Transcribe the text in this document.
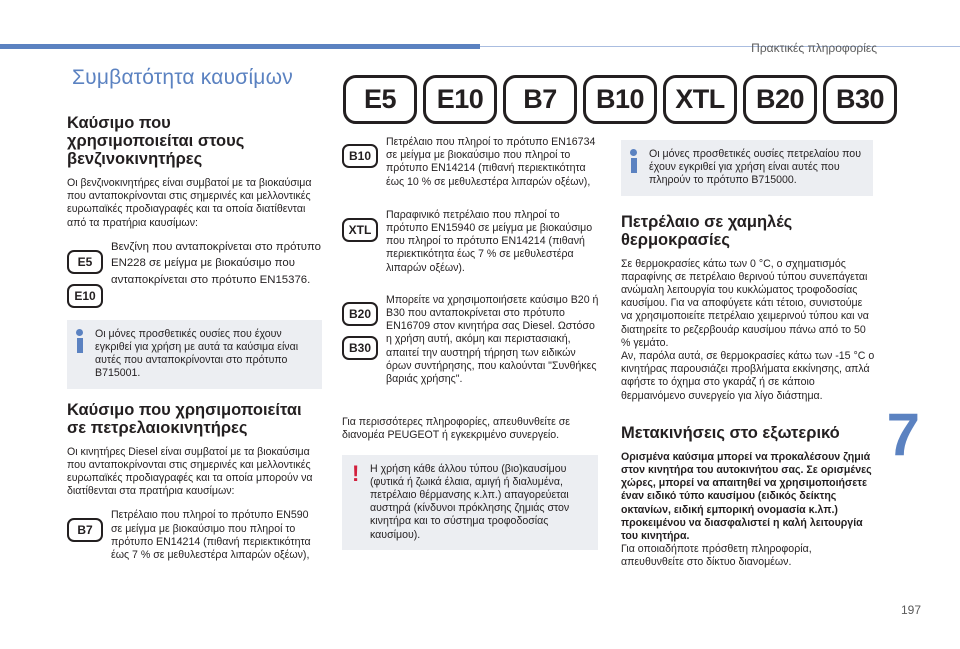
Πρακτικές πληροφορίες
Συμβατότητα καυσίμων
E5	E10	B7	B10	XTL	B20	B30
Καύσιμο που χρησιμοποιείται στους βενζινοκινητήρες
Οι βενζινοκινητήρες είναι συμβατοί με τα βιοκαύσιμα που ανταποκρίνονται στις σημερινές και μελλοντικές ευρωπαϊκές προδιαγραφές και τα οποία διατίθενται από τα πρατήρια καυσίμων:
E5
E10
Βενζίνη που ανταποκρίνεται στο πρότυπο EN228 σε μείγμα με βιοκαύσιμο που ανταποκρίνεται στο πρότυπο EN15376.
Οι μόνες προσθετικές ουσίες που έχουν εγκριθεί για χρήση με αυτά τα καύσιμα είναι αυτές που ανταποκρίνονται στο πρότυπο B715001.
Καύσιμο που χρησιμοποιείται σε πετρελαιοκινητήρες
Οι κινητήρες Diesel είναι συμβατοί με τα βιοκαύσιμα που ανταποκρίνονται στις σημερινές και μελλοντικές ευρωπαϊκές προδιαγραφές και τα οποία μπορούν να διατίθενται στα πρατήρια καυσίμων:
B7
Πετρέλαιο που πληροί το πρότυπο EN590 σε μείγμα με βιοκαύσιμο που πληροί το πρότυπο EN14214 (πιθανή περιεκτικότητα έως 7 % σε μεθυλεστέρα λιπαρών οξέων),
B10
Πετρέλαιο που πληροί το πρότυπο EN16734 σε μείγμα με βιοκαύσιμο που πληροί το πρότυπο EN14214 (πιθανή περιεκτικότητα έως 10 % σε μεθυλεστέρα λιπαρών οξέων),
XTL
Παραφινικό πετρέλαιο που πληροί το πρότυπο EN15940 σε μείγμα με βιοκαύσιμο που πληροί το πρότυπο EN14214 (πιθανή περιεκτικότητα έως 7 % σε μεθυλεστέρα λιπαρών οξέων).
B20
B30
Μπορείτε να χρησιμοποιήσετε καύσιμο B20 ή B30 που ανταποκρίνεται στο πρότυπο EN16709 στον κινητήρα σας Diesel. Ωστόσο η χρήση αυτή, ακόμη και περιστασιακή, απαιτεί την αυστηρή τήρηση των ειδικών όρων συντήρησης, που καλούνται "Συνθήκες βαριάς χρήσης".
Για περισσότερες πληροφορίες, απευθυνθείτε σε διανομέα PEUGEOT ή εγκεκριμένο συνεργείο.
! Η χρήση κάθε άλλου τύπου (βιο)καυσίμου (φυτικά ή ζωικά έλαια, αμιγή ή διαλυμένα, πετρέλαιο θέρμανσης κ.λπ.) απαγορεύεται αυστηρά (κίνδυνοι πρόκλησης ζημιάς στον κινητήρα και το σύστημα τροφοδοσίας καυσίμου).
Οι μόνες προσθετικές ουσίες πετρελαίου που έχουν εγκριθεί για χρήση είναι αυτές που πληρούν το πρότυπο B715000.
Πετρέλαιο σε χαμηλές θερμοκρασίες
Σε θερμοκρασίες κάτω των 0 °C, ο σχηματισμός παραφίνης σε πετρέλαιο θερινού τύπου συνεπάγεται ανώμαλη λειτουργία του κυκλώματος τροφοδοσίας καυσίμου. Για να αποφύγετε κάτι τέτοιο, συνιστούμε να χρησιμοποιείτε πετρέλαιο χειμερινού τύπου και να διατηρείτε το ρεζερβουάρ καυσίμου πάνω από το 50 % γεμάτο.
Αν, παρόλα αυτά, σε θερμοκρασίες κάτω των -15 °C ο κινητήρας παρουσιάζει προβλήματα εκκίνησης, απλά αφήστε το όχημα στο γκαράζ ή σε κάποιο θερμαινόμενο συνεργείο για λίγο διάστημα.
Μετακινήσεις στο εξωτερικό
Ορισμένα καύσιμα μπορεί να προκαλέσουν ζημιά στον κινητήρα του αυτοκινήτου σας. Σε ορισμένες χώρες, μπορεί να απαιτηθεί να χρησιμοποιήσετε έναν ειδικό τύπο καυσίμου (ειδικός δείκτης οκτανίων, ειδική εμπορική ονομασία κ.λπ.) προκειμένου να διασφαλιστεί η καλή λειτουργία του κινητήρα.
Για οποιαδήποτε πρόσθετη πληροφορία, απευθυνθείτε στο δίκτυο διανομέων.
7
197
